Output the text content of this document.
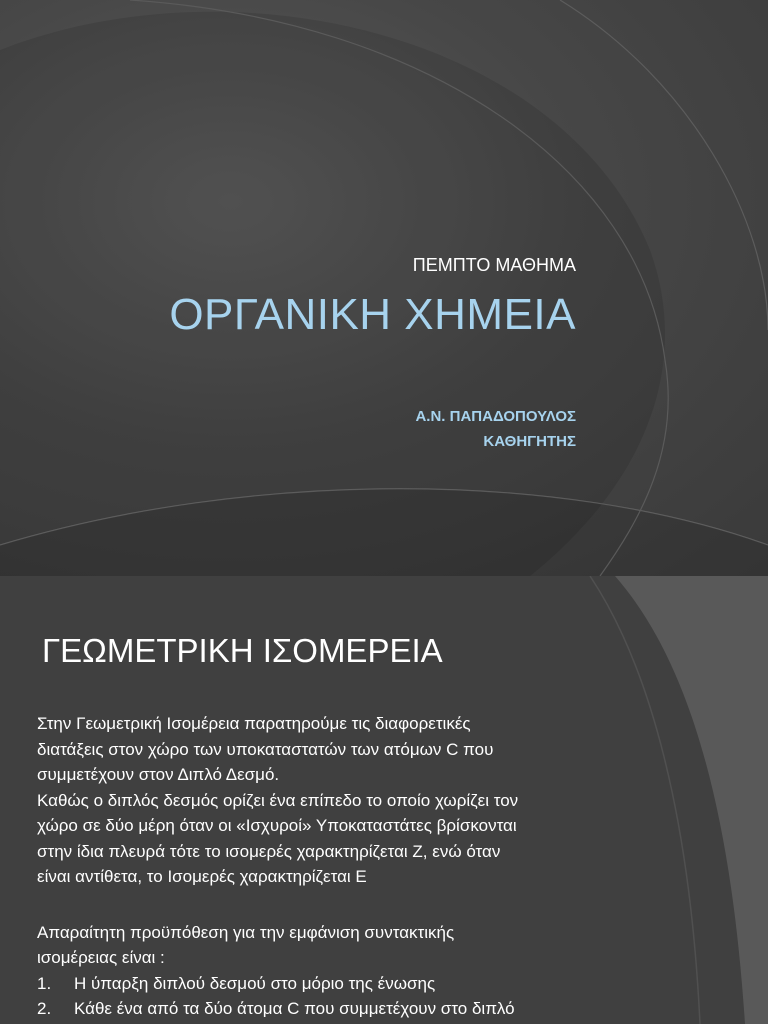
ΠΕΜΠΤΟ ΜΑΘΗΜΑ
ΟΡΓΑΝΙΚΗ ΧΗΜΕΙΑ
Α.Ν. ΠΑΠΑΔΟΠΟΥΛΟΣ
ΚΑΘΗΓΗΤΗΣ
ΓΕΩΜΕΤΡΙΚΗ ΙΣΟΜΕΡΕΙΑ

Στην Γεωμετρική Ισομέρεια παρατηρούμε τις διαφορετικές

διατάξεις στον χώρο των υποκαταστατών των ατόμων C που

συμμετέχουν στον Διπλό Δεσμό.

Καθώς ο διπλός δεσμός ορίζει ένα επίπεδο το οποίο χωρίζει τον

χώρο σε δύο μέρη όταν οι «Ισχυροί» Υποκαταστάτες βρίσκονται

στην ίδια πλευρά τότε το ισομερές χαρακτηρίζεται Ζ, ενώ όταν

είναι αντίθετα, το Ισομερές χαρακτηρίζεται Ε

Απαραίτητη προϋπόθεση για την εμφάνιση συντακτικής

ισομέρειας είναι :

1.	Η ύπαρξη διπλού δεσμού στο μόριο της ένωσης
2.	Κάθε ένα από τα δύο άτομα C που συμμετέχουν στο διπλό
